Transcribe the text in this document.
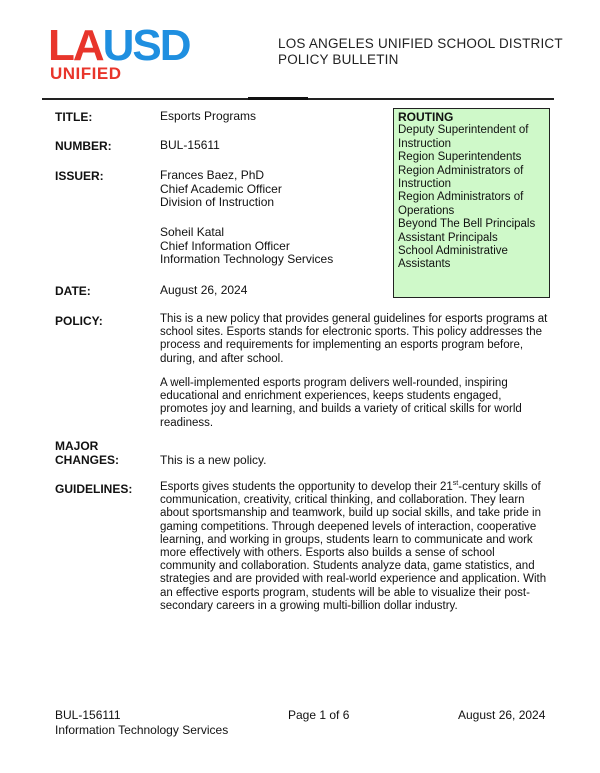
LAUSD
UNIFIED
LOS ANGELES UNIFIED SCHOOL DISTRICT
POLICY BULLETIN
TITLE:	Esports Programs
NUMBER:	BUL-15611
ISSUER:	Frances Baez, PhD
Chief Academic Officer
Division of Instruction
Soheil Katal
Chief Information Officer
Information Technology Services
DATE:	August 26, 2024
ROUTING
Deputy Superintendent of Instruction
Region Superintendents
Region Administrators of Instruction
Region Administrators of Operations
Beyond The Bell Principals
Assistant Principals
School Administrative Assistants
POLICY:	This is a new policy that provides general guidelines for esports programs at school sites. Esports stands for electronic sports. This policy addresses the process and requirements for implementing an esports program before, during, and after school.
A well-implemented esports program delivers well-rounded, inspiring educational and enrichment experiences, keeps students engaged, promotes joy and learning, and builds a variety of critical skills for world readiness.
MAJOR
CHANGES:	This is a new policy.
GUIDELINES: Esports gives students the opportunity to develop their 21st-century skills of communication, creativity, critical thinking, and collaboration. They learn about sportsmanship and teamwork, build up social skills, and take pride in gaming competitions. Through deepened levels of interaction, cooperative learning, and working in groups, students learn to communicate and work more effectively with others. Esports also builds a sense of school community and collaboration. Students analyze data, game statistics, and strategies and are provided with real-world experience and application. With an effective esports program, students will be able to visualize their post-secondary careers in a growing multi-billion dollar industry.
BUL-156111
Information Technology Services
Page 1 of 6	August 26, 2024
